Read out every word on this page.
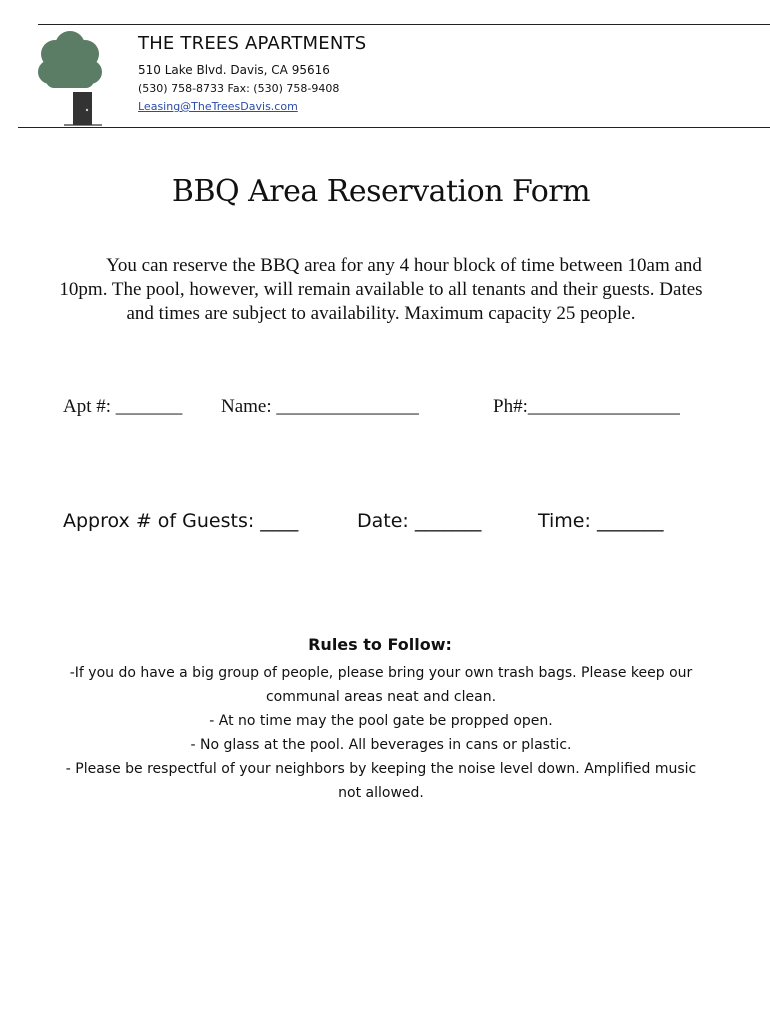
THE TREES APARTMENTS
510 Lake Blvd. Davis, CA 95616
(530) 758-8733 Fax: (530) 758-9408
Leasing@TheTreesDavis.com
BBQ Area Reservation Form
You can reserve the BBQ area for any 4 hour block of time between 10am and 10pm. The pool, however, will remain available to all tenants and their guests. Dates and times are subject to availability. Maximum capacity 25 people.
Apt #: _______ Name: _______________	Ph#:________________
Approx # of Guests: ____	Date: _______	Time: _______
Rules to Follow:

-If you do have a big group of people, please bring your own trash bags. Please keep our communal areas neat and clean.

- At no time may the pool gate be propped open.

- No glass at the pool. All beverages in cans or plastic.

- Please be respectful of your neighbors by keeping the noise level down. Amplified music not allowed.
